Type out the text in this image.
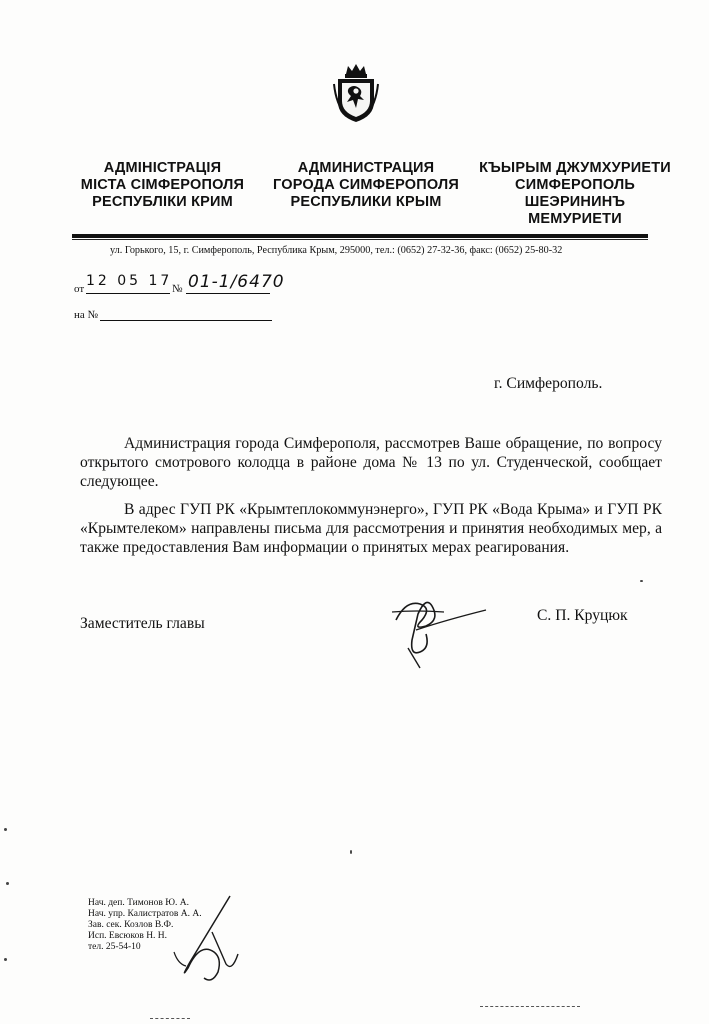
АДМІНІСТРАЦІЯ
МІСТА СІМФЕРОПОЛЯ
РЕСПУБЛІКИ КРИМ
АДМИНИСТРАЦИЯ
ГОРОДА СИМФЕРОПОЛЯ
РЕСПУБЛИКИ КРЫМ
КЪЫРЫМ ДЖУМХУРИЕТИ
СИМФЕРОПОЛЬ
ШЕЭРИНИНЪ
МЕМУРИЕТИ
ул. Горького, 15, г. Симферополь, Республика Крым, 295000, тел.: (0652) 27-32-36, факс: (0652) 25-80-32
от 12 05 17 № 01-1/6470
на №
г. Симферополь.
Администрация города Симферополя, рассмотрев Ваше обращение, по вопросу открытого смотрового колодца в районе дома № 13 по ул. Студенческой, сообщает следующее.
В адрес ГУП РК «Крымтеплокоммунэнерго», ГУП РК «Вода Крыма» и ГУП РК «Крымтелеком» направлены письма для рассмотрения и принятия необходимых мер, а также предоставления Вам информации о принятых мерах реагирования.
Заместитель главы	С. П. Круцюк
Нач. деп. Тимонов Ю. А.
Нач. упр. Калистратов А. А.
Зав. сек. Козлов В.Ф.
Исп. Евсюков Н. Н.
тел. 25-54-10
